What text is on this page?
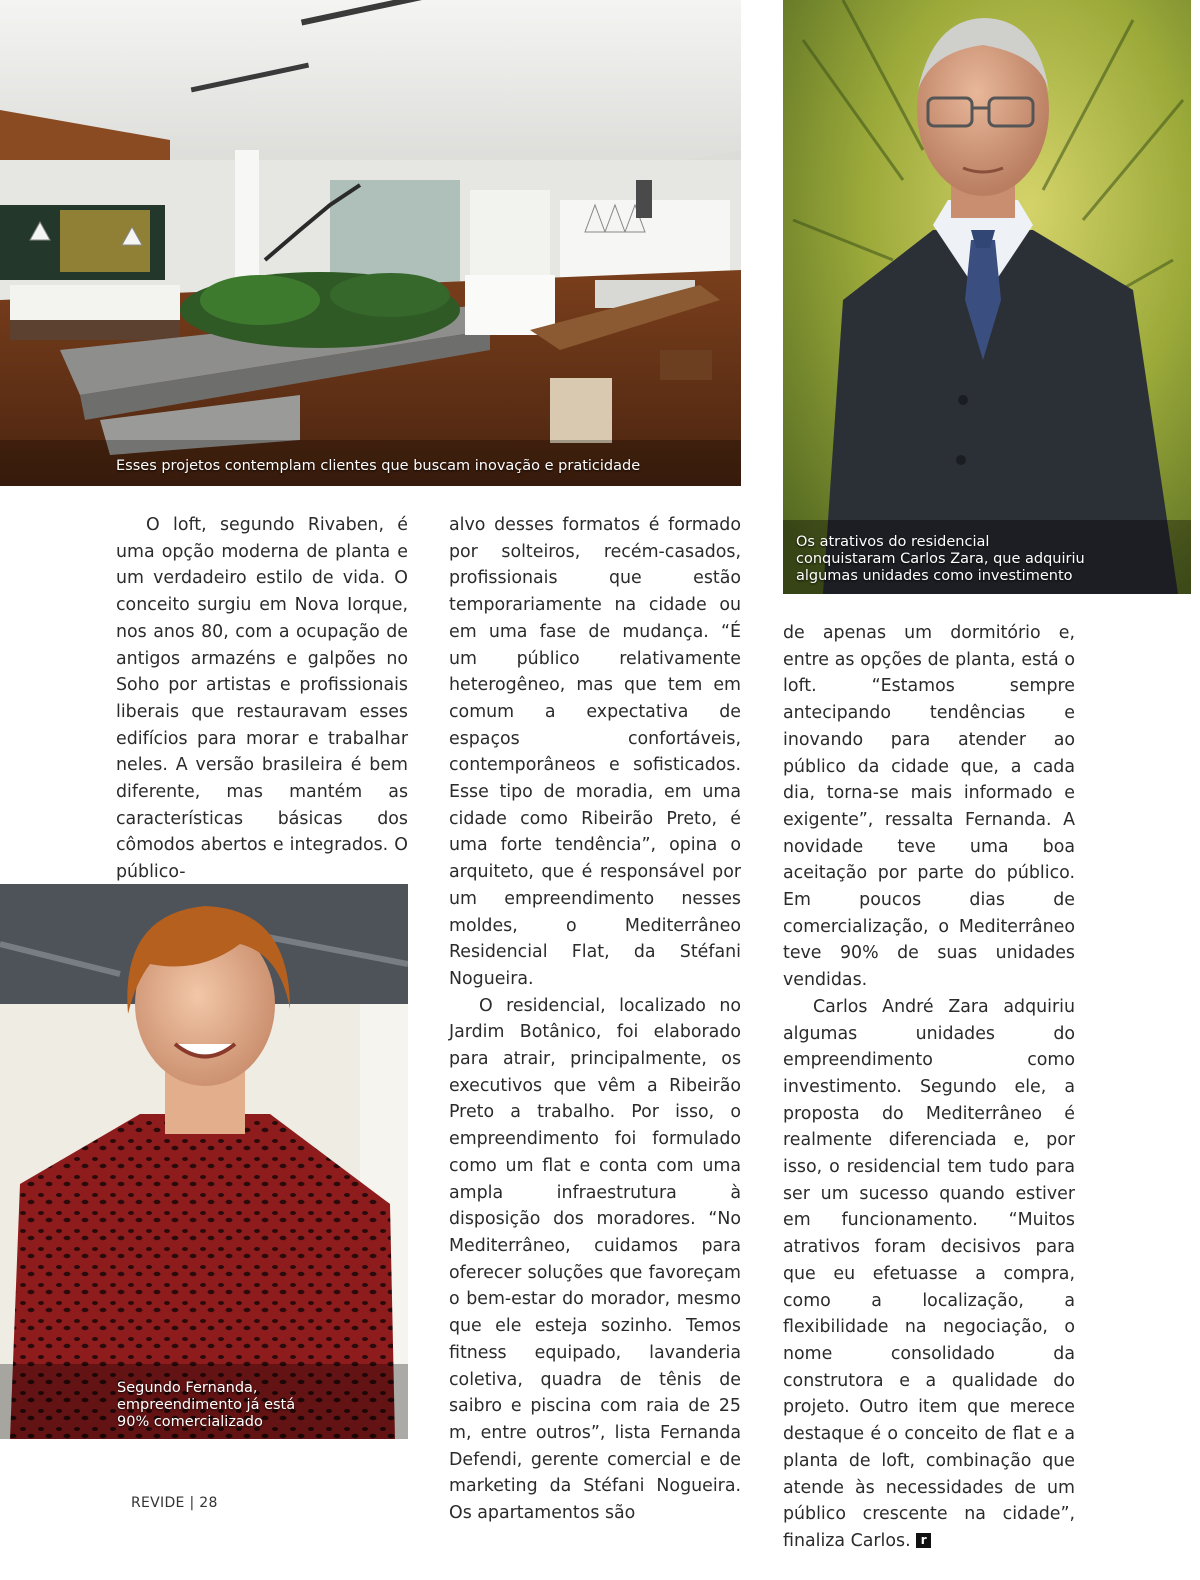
Esses projetos contemplam clientes que buscam inovação e praticidade
Os atrativos do residencial
conquistaram Carlos Zara, que adquiriu
algumas unidades como investimento
Segundo Fernanda,
empreendimento já está
90% comercializado

O loft, segundo Rivaben, é uma opção moderna de planta e um verdadeiro estilo de vida. O conceito surgiu em Nova Iorque, nos anos 80, com a ocupação de antigos armazéns e galpões no Soho por artistas e profissionais liberais que restauravam esses edifícios para morar e trabalhar neles. A versão brasileira é bem diferente, mas mantém as características básicas dos cômodos abertos e integrados. O público-

alvo desses formatos é formado por solteiros, recém-casados, profissionais que estão temporariamente na cidade ou em uma fase de mudança. “É um público relativamente heterogêneo, mas que tem em comum a expectativa de espaços confortáveis, contemporâneos e sofisticados. Esse tipo de moradia, em uma cidade como Ribeirão Preto, é uma forte tendência”, opina o arquiteto, que é responsável por um empreendimento nesses moldes, o Mediterrâneo Residencial Flat, da Stéfani Nogueira.

O residencial, localizado no Jardim Botânico, foi elaborado para atrair, principalmente, os executivos que vêm a Ribeirão Preto a trabalho. Por isso, o empreendimento foi formulado como um flat e conta com uma ampla infraestrutura à disposição dos moradores. “No Mediterrâneo, cuidamos para oferecer soluções que favoreçam o bem-estar do morador, mesmo que ele esteja sozinho. Temos fitness equipado, lavanderia coletiva, quadra de tênis de saibro e piscina com raia de 25 m, entre outros”, lista Fernanda Defendi, gerente comercial e de marketing da Stéfani Nogueira. Os apartamentos são

de apenas um dormitório e, entre as opções de planta, está o loft. “Estamos sempre antecipando tendências e inovando para atender ao público da cidade que, a cada dia, torna-se mais informado e exigente”, ressalta Fernanda. A novidade teve uma boa aceitação por parte do público. Em poucos dias de comercialização, o Mediterrâneo teve 90% de suas unidades vendidas.

Carlos André Zara adquiriu algumas unidades do empreendimento como investimento. Segundo ele, a proposta do Mediterrâneo é realmente diferenciada e, por isso, o residencial tem tudo para ser um sucesso quando estiver em funcionamento. “Muitos atrativos foram decisivos para que eu efetuasse a compra, como a localização, a flexibilidade na negociação, o nome consolidado da construtora e a qualidade do projeto. Outro item que merece destaque é o conceito de flat e a planta de loft, combinação que atende às necessidades de um público crescente na cidade”, finaliza Carlos. r

REVIDE | 28
